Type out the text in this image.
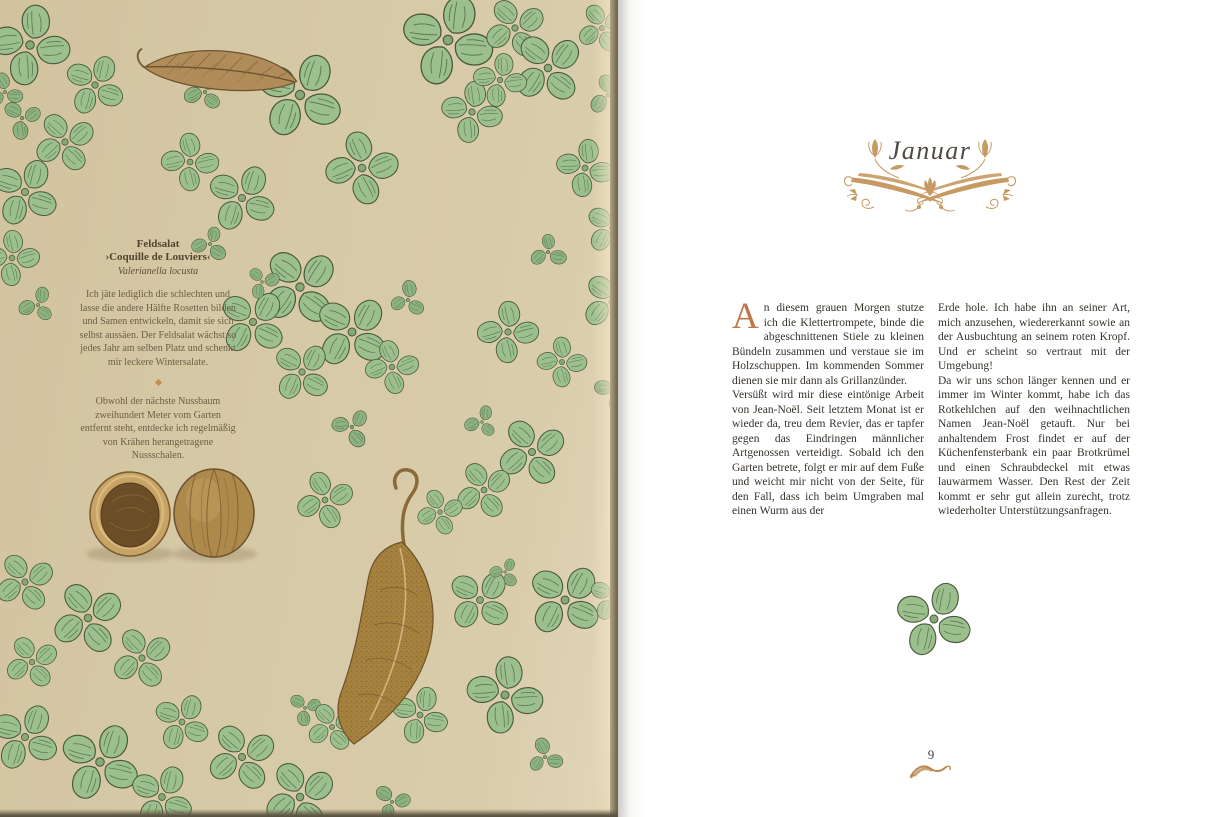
Feldsalat
›Coquille de Louviers‹
Valerianella locusta
Ich jäte lediglich die schlechten und lasse die andere Hälfte Rosetten bilden und Samen entwickeln, damit sie sich selbst aussäen. Der Feldsalat wächst so jedes Jahr am selben Platz und schenkt mir leckere Wintersalate.
Obwohl der nächste Nussbaum zweihundert Meter vom Garten entfernt steht, entdecke ich regelmäßig von Krähen herangetragene Nussschalen.
Januar

An diesem grauen Morgen stutze ich die Klettertrompete, binde die abgeschnittenen Stiele zu kleinen Bündeln zusammen und verstaue sie im Holzschuppen. Im kommenden Sommer dienen sie mir dann als Grillanzünder.

Versüßt wird mir diese eintönige Arbeit von Jean-Noël. Seit letztem Monat ist er wieder da, treu dem Revier, das er tapfer gegen das Eindringen männlicher Artgenossen verteidigt. Sobald ich den Garten betrete, folgt er mir auf dem Fuße und weicht mir nicht von der Seite, für den Fall, dass ich beim Umgraben mal einen Wurm aus der

Erde hole. Ich habe ihn an seiner Art, mich anzusehen, wiedererkannt sowie an der Ausbuchtung an seinem roten Kropf. Und er scheint so vertraut mit der Umgebung!

Da wir uns schon länger kennen und er immer im Winter kommt, habe ich das Rotkehlchen auf den weihnachtlichen Namen Jean-Noël getauft. Nur bei anhaltendem Frost findet er auf der Küchenfensterbank ein paar Brotkrümel und einen Schraubdeckel mit etwas lauwarmem Wasser. Den Rest der Zeit kommt er sehr gut allein zurecht, trotz wiederholter Unterstützungsanfragen.

9
